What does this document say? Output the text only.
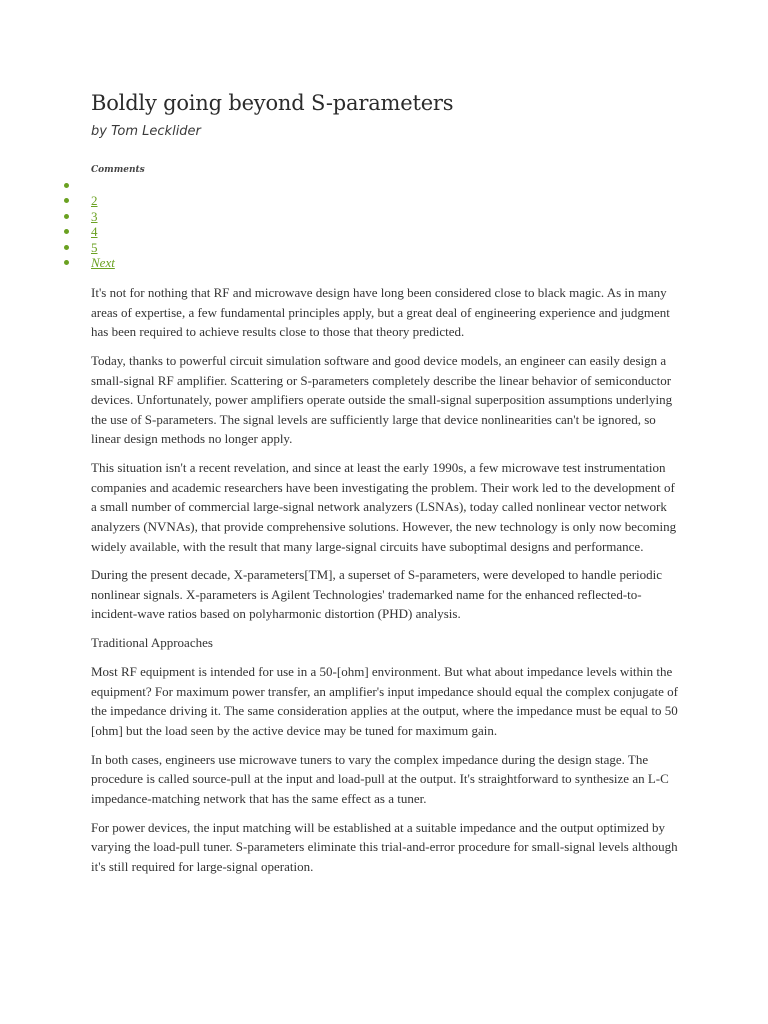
Boldly going beyond S-parameters
by Tom Lecklider
Comments
2
3
4
5
Next

It's not for nothing that RF and microwave design have long been considered close to black magic. As in many areas of expertise, a few fundamental principles apply, but a great deal of engineering experience and judgment has been required to achieve results close to those that theory predicted.

Today, thanks to powerful circuit simulation software and good device models, an engineer can easily design a small-signal RF amplifier. Scattering or S-parameters completely describe the linear behavior of semiconductor devices. Unfortunately, power amplifiers operate outside the small-signal superposition assumptions underlying the use of S-parameters. The signal levels are sufficiently large that device nonlinearities can't be ignored, so linear design methods no longer apply.

This situation isn't a recent revelation, and since at least the early 1990s, a few microwave test instrumentation companies and academic researchers have been investigating the problem. Their work led to the development of a small number of commercial large-signal network analyzers (LSNAs), today called nonlinear vector network analyzers (NVNAs), that provide comprehensive solutions. However, the new technology is only now becoming widely available, with the result that many large-signal circuits have suboptimal designs and performance.

During the present decade, X-parameters[TM], a superset of S-parameters, were developed to handle periodic nonlinear signals. X-parameters is Agilent Technologies' trademarked name for the enhanced reflected-to-incident-wave ratios based on polyharmonic distortion (PHD) analysis.

Traditional Approaches

Most RF equipment is intended for use in a 50-[ohm] environment. But what about impedance levels within the equipment? For maximum power transfer, an amplifier's input impedance should equal the complex conjugate of the impedance driving it. The same consideration applies at the output, where the impedance must be equal to 50 [ohm] but the load seen by the active device may be tuned for maximum gain.

In both cases, engineers use microwave tuners to vary the complex impedance during the design stage. The procedure is called source-pull at the input and load-pull at the output. It's straightforward to synthesize an L-C impedance-matching network that has the same effect as a tuner.

For power devices, the input matching will be established at a suitable impedance and the output optimized by varying the load-pull tuner. S-parameters eliminate this trial-and-error procedure for small-signal levels although it's still required for large-signal operation.
